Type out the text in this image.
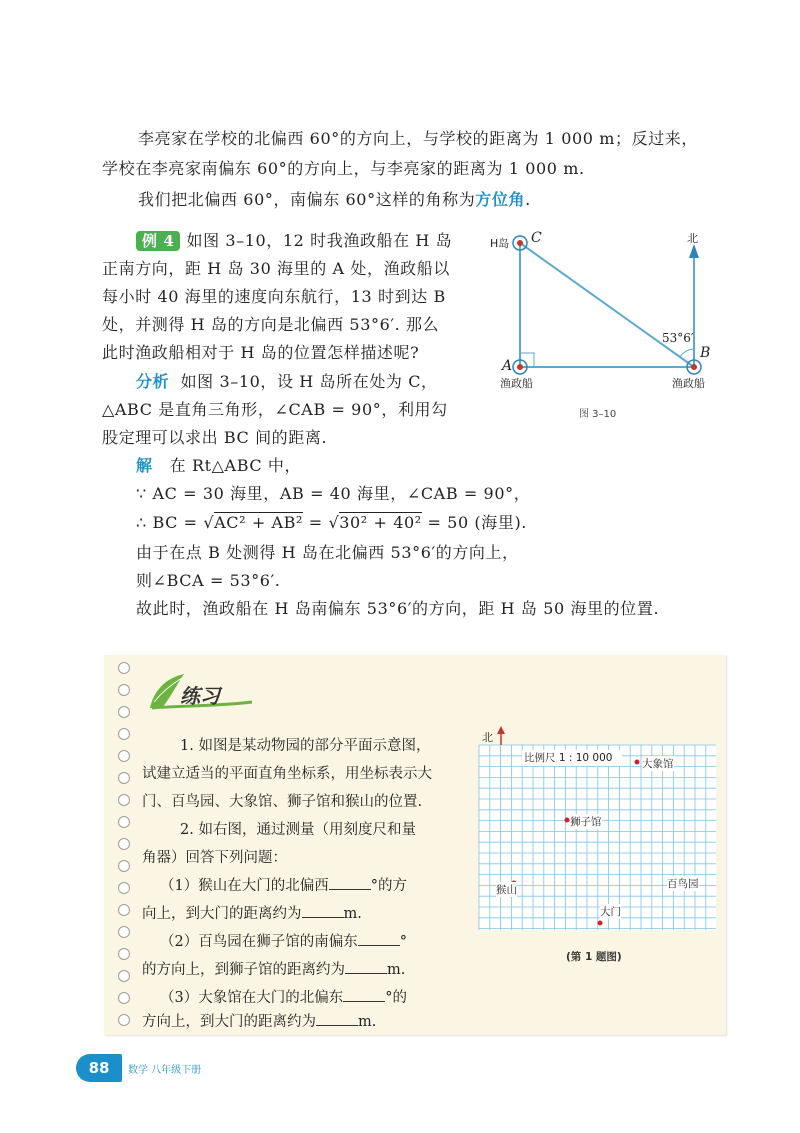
李亮家在学校的北偏西 60°的方向上，与学校的距离为 1 000 m；反过来，
学校在李亮家南偏东 60°的方向上，与李亮家的距离为 1 000 m.
我们把北偏西 60°，南偏东 60°这样的角称为方位角.
例 4 如图 3–10，12 时我渔政船在 H 岛
正南方向，距 H 岛 30 海里的 A 处，渔政船以
每小时 40 海里的速度向东航行，13 时到达 B
处，并测得 H 岛的方向是北偏西 53°6′. 那么
此时渔政船相对于 H 岛的位置怎样描述呢?
分析 如图 3–10，设 H 岛所在处为 C，
△ABC 是直角三角形，∠CAB = 90°，利用勾
股定理可以求出 BC 间的距离.
解 在 Rt△ABC 中，
∵ AC = 30 海里，AB = 40 海里，∠CAB = 90°，
∴ BC = √AC² + AB² = √30² + 40² = 50 (海里).
由于在点 B 处测得 H 岛在北偏西 53°6′的方向上，
则∠BCA = 53°6′.
故此时，渔政船在 H 岛南偏东 53°6′的方向，距 H 岛 50 海里的位置.
H岛 C	北
A
B
53°6′
渔政船	渔政船
图 3–10
练习
1. 如图是某动物园的部分平面示意图，
试建立适当的平面直角坐标系，用坐标表示大
门、百鸟园、大象馆、狮子馆和猴山的位置.
2. 如右图，通过测量（用刻度尺和量
角器）回答下列问题：
（1）猴山在大门的北偏西	°的方
向上，到大门的距离约为	m.
（2）百鸟园在狮子馆的南偏东	°
的方向上，到狮子馆的距离约为	m.
（3）大象馆在大门的北偏东	°的
方向上，到大门的距离约为	m.
北
比例尺 1 : 10 000	大象馆
狮子馆
百鸟园
猴山
大门
(第 1 题图)
88	数学 八年级下册
